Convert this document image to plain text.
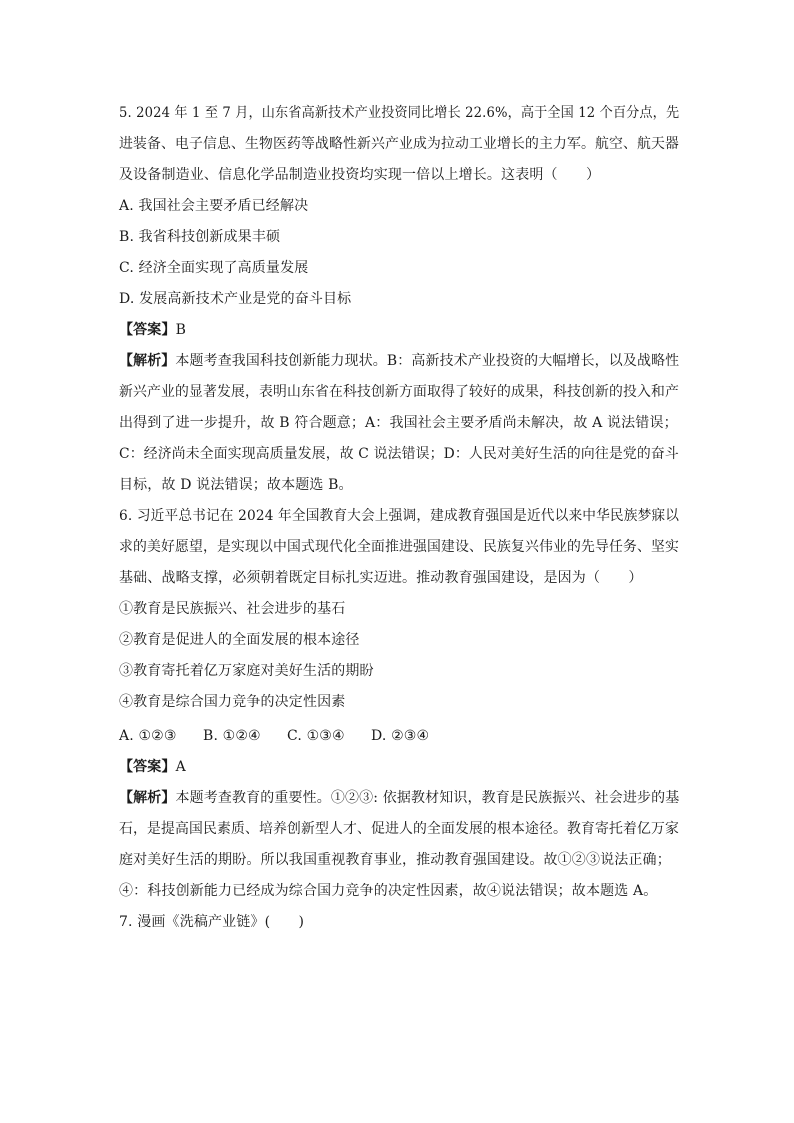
5. 2024 年 1 至 7 月，山东省高新技术产业投资同比增长 22.6%，高于全国 12 个百分点，先
进装备、电子信息、生物医药等战略性新兴产业成为拉动工业增长的主力军。航空、航天器
及设备制造业、信息化学品制造业投资均实现一倍以上增长。这表明（　　）
A. 我国社会主要矛盾已经解决
B. 我省科技创新成果丰硕
C. 经济全面实现了高质量发展
D. 发展高新技术产业是党的奋斗目标
【答案】B
【解析】本题考查我国科技创新能力现状。B：高新技术产业投资的大幅增长，以及战略性
新兴产业的显著发展，表明山东省在科技创新方面取得了较好的成果，科技创新的投入和产
出得到了进一步提升，故 B 符合题意；A：我国社会主要矛盾尚未解决，故 A 说法错误；
C：经济尚未全面实现高质量发展，故 C 说法错误；D：人民对美好生活的向往是党的奋斗
目标，故 D 说法错误；故本题选 B。
6. 习近平总书记在 2024 年全国教育大会上强调，建成教育强国是近代以来中华民族梦寐以
求的美好愿望，是实现以中国式现代化全面推进强国建设、民族复兴伟业的先导任务、坚实
基础、战略支撑，必须朝着既定目标扎实迈进。推动教育强国建设，是因为（　　）
①教育是民族振兴、社会进步的基石
②教育是促进人的全面发展的根本途径
③教育寄托着亿万家庭对美好生活的期盼
④教育是综合国力竞争的决定性因素
A. ①②③ B. ①②④ C. ①③④ D. ②③④
【答案】A
【解析】本题考查教育的重要性。①②③: 依据教材知识，教育是民族振兴、社会进步的基
石，是提高国民素质、培养创新型人才、促进人的全面发展的根本途径。教育寄托着亿万家
庭对美好生活的期盼。所以我国重视教育事业，推动教育强国建设。故①②③说法正确；
④：科技创新能力已经成为综合国力竞争的决定性因素，故④说法错误；故本题选 A。
7. 漫画《洗稿产业链》(　　)
